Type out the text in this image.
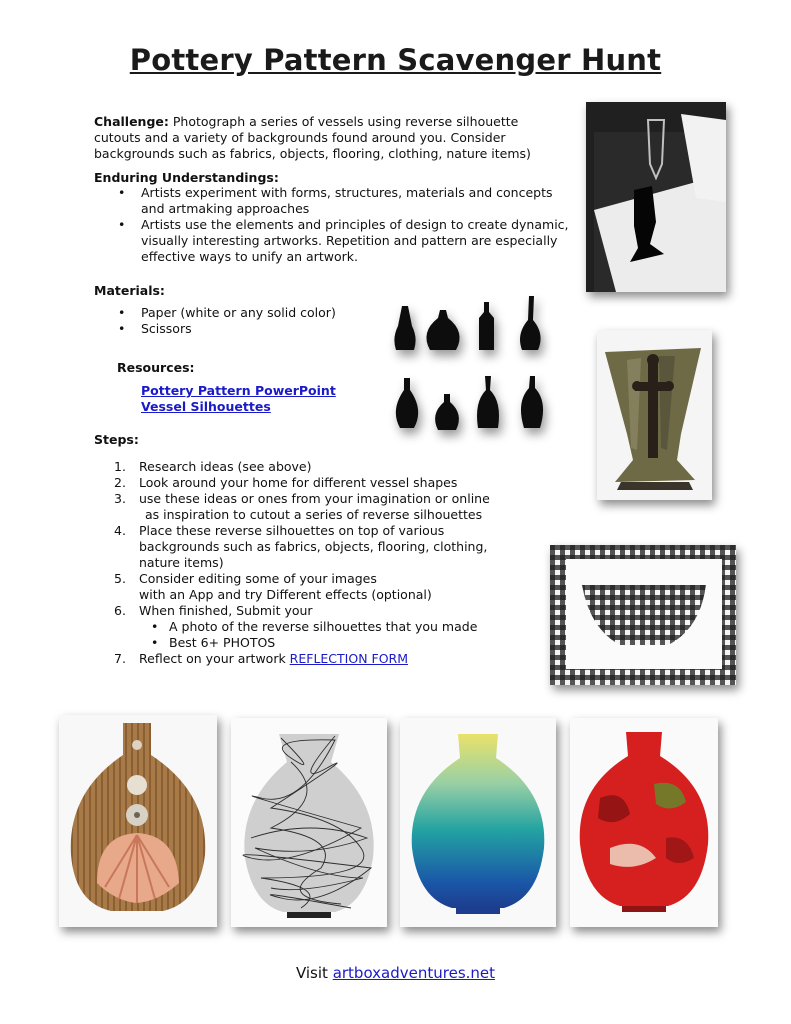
Pottery Pattern Scavenger Hunt
Challenge: Photograph a series of vessels using reverse silhouette cutouts and a variety of backgrounds found around you. Consider backgrounds such as fabrics, objects, flooring, clothing, nature items)
Enduring Understandings:
• Artists experiment with forms, structures, materials and concepts and artmaking approaches
• Artists use the elements and principles of design to create dynamic, visually interesting artworks. Repetition and pattern are especially effective ways to unify an artwork.
Materials:
• Paper (white or any solid color)
• Scissors
Resources:
Pottery Pattern PowerPoint
Vessel Silhouettes
Steps:
1. Research ideas (see above)
2. Look around your home for different vessel shapes
3. use these ideas or ones from your imagination or online
as inspiration to cutout a series of reverse silhouettes
4. Place these reverse silhouettes on top of various backgrounds such as fabrics, objects, flooring, clothing, nature items)
5. Consider editing some of your images
with an App and try Different effects (optional)
6. When finished, Submit your
• A photo of the reverse silhouettes that you made
• Best 6+ PHOTOS
7. Reflect on your artwork REFLECTION FORM
Visit artboxadventures.net
